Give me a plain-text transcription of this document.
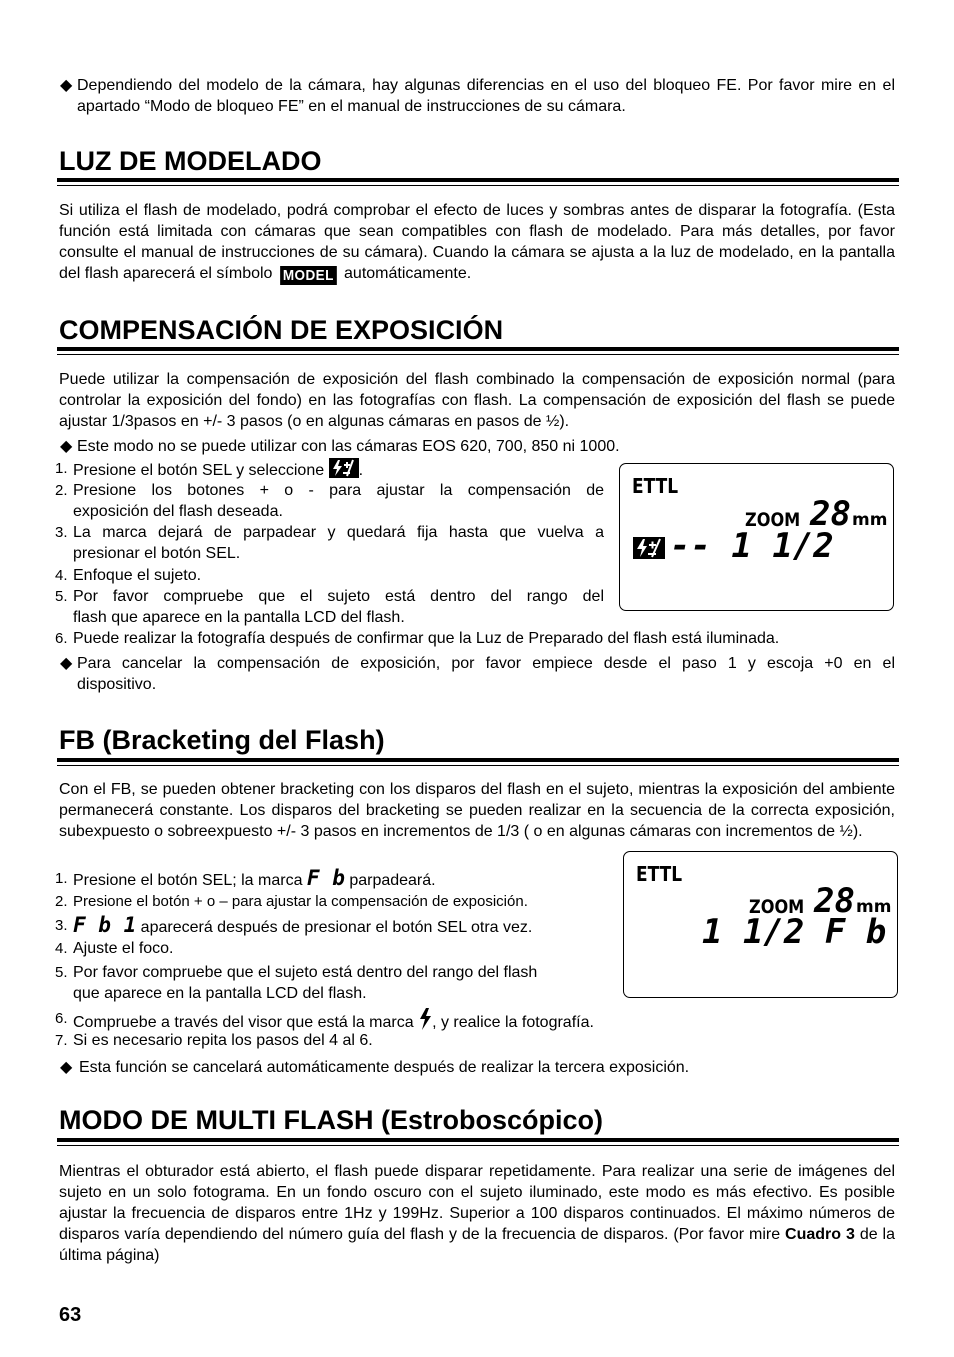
◆ Dependiendo del modelo de la cámara, hay algunas diferencias en el uso del bloqueo FE. Por favor mire en el apartado “Modo de bloqueo FE” en el manual de instrucciones de su cámara.
LUZ DE MODELADO
Si utiliza el flash de modelado, podrá comprobar el efecto de luces y sombras antes de disparar la fotografía. (Esta función está limitada con cámaras que sean compatibles con flash de modelado. Para más detalles, por favor consulte el manual de instrucciones de su cámara). Cuando la cámara se ajusta a la luz de modelado, en la pantalla del flash aparecerá el símbolo MODEL automáticamente.
COMPENSACIÓN DE EXPOSICIÓN
Puede utilizar la compensación de exposición del flash combinado la compensación de exposición normal (para controlar la exposición del fondo) en las fotografías con flash. La compensación de exposición del flash se puede ajustar 1/3pasos en +/- 3 pasos (o en algunas cámaras en pasos de ½).
◆ Este modo no se puede utilizar con las cámaras EOS 620, 700, 850 ni 1000.
1. Presione el botón SEL y seleccione .
2. Presione los botones + o - para ajustar la compensación de
exposición del flash deseada.
3. La marca dejará de parpadear y quedará fija hasta que vuelva a
presionar el botón SEL.
4. Enfoque el sujeto.
5. Por favor compruebe que el sujeto está dentro del rango del
flash que aparece en la pantalla LCD del flash.
6. Puede realizar la fotografía después de confirmar que la Luz de Preparado del flash está iluminada.
◆ Para cancelar la compensación de exposición, por favor empiece desde el paso 1 y escoja +0 en el
dispositivo.
ETTL
ZOOM 28 mm
-- 1 1/2
FB (Bracketing del Flash)
Con el FB, se pueden obtener bracketing con los disparos del flash en el sujeto, mientras la exposición del ambiente permanecerá constante. Los disparos del bracketing se pueden realizar en la secuencia de la correcta exposición, subexpuesto o sobreexpuesto +/- 3 pasos en incrementos de 1/3 ( o en algunas cámaras con incrementos de ½).
1. Presione el botón SEL; la marca F b parpadeará.
2. Presione el botón + o – para ajustar la compensación de exposición.
3. F b 1 aparecerá después de presionar el botón SEL otra vez.
4. Ajuste el foco.
5. Por favor compruebe que el sujeto está dentro del rango del flash
que aparece en la pantalla LCD del flash.
6. Compruebe a través del visor que está la marca , y realice la fotografía.
7. Si es necesario repita los pasos del 4 al 6.
◆ Esta función se cancelará automáticamente después de realizar la tercera exposición.
ETTL
ZOOM 28 mm
1 1/2 F b
MODO DE MULTI FLASH (Estroboscópico)
Mientras el obturador está abierto, el flash puede disparar repetidamente. Para realizar una serie de imágenes del sujeto en un solo fotograma. En un fondo oscuro con el sujeto iluminado, este modo es más efectivo. Es posible ajustar la frecuencia de disparos entre 1Hz y 199Hz. Superior a 100 disparos continuados. El máximo números de disparos varía dependiendo del número guía del flash y de la frecuencia de disparos. (Por favor mire Cuadro 3 de la última página)
63
